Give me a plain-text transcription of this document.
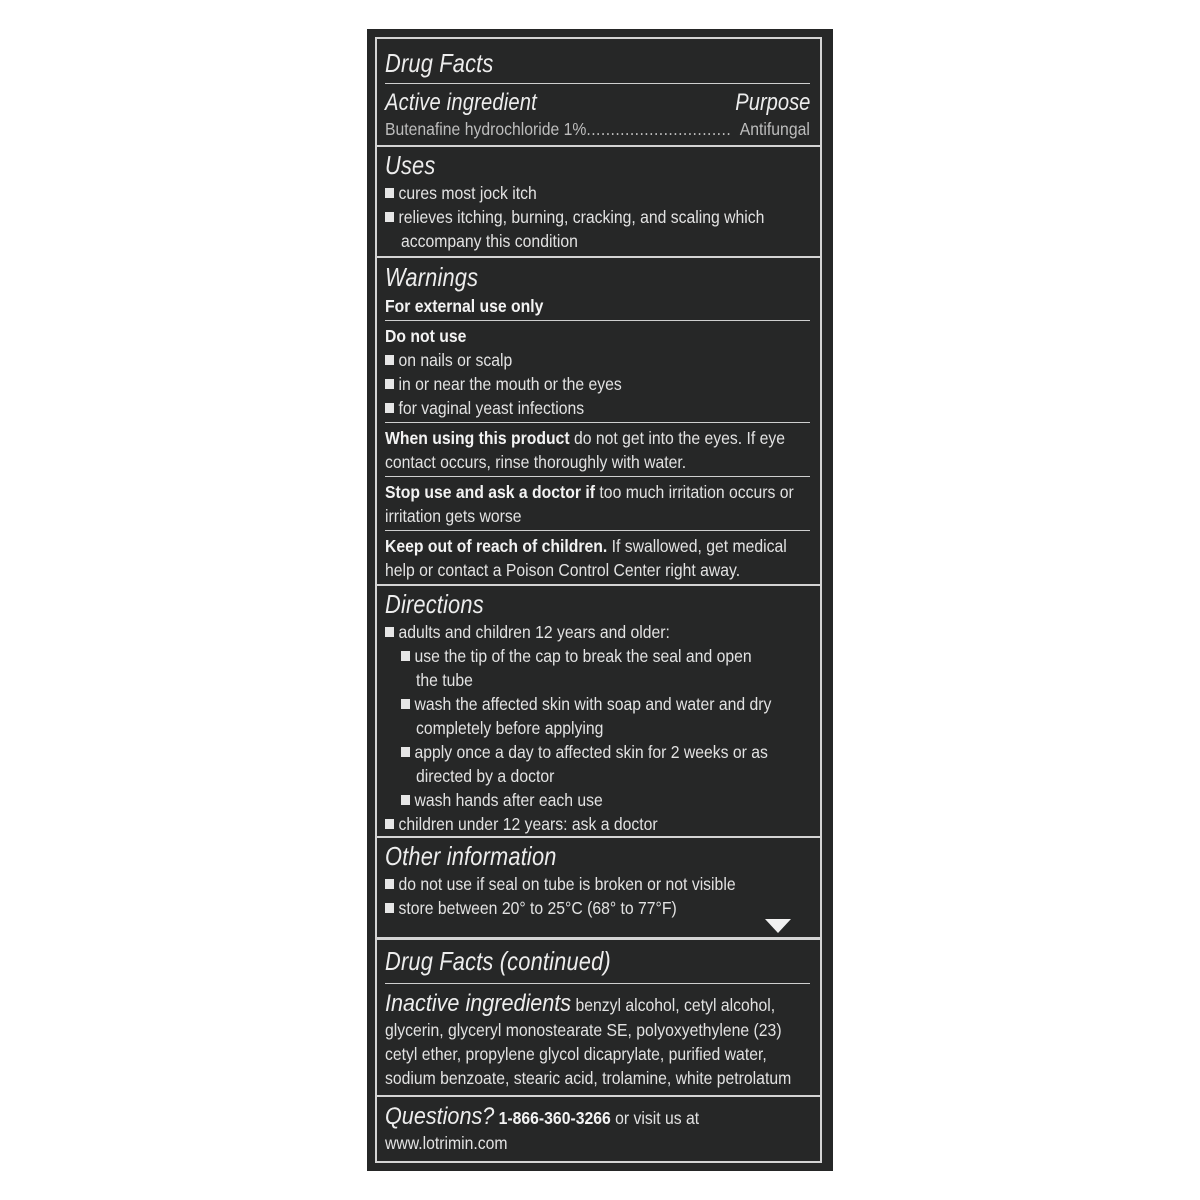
Drug Facts
Active ingredient	Purpose
Butenafine hydrochloride 1%.............................. Antifungal
Uses
cures most jock itch
relieves itching, burning, cracking, and scaling which
accompany this condition
Warnings
For external use only
Do not use
on nails or scalp
in or near the mouth or the eyes
for vaginal yeast infections
When using this product do not get into the eyes. If eye
contact occurs, rinse thoroughly with water.
Stop use and ask a doctor if too much irritation occurs or
irritation gets worse
Keep out of reach of children. If swallowed, get medical
help or contact a Poison Control Center right away.
Directions
adults and children 12 years and older:
use the tip of the cap to break the seal and open
the tube
wash the affected skin with soap and water and dry
completely before applying
apply once a day to affected skin for 2 weeks or as
directed by a doctor
wash hands after each use
children under 12 years: ask a doctor
Other information
do not use if seal on tube is broken or not visible
store between 20° to 25°C (68° to 77°F)
Drug Facts (continued)
Inactive ingredients benzyl alcohol, cetyl alcohol,
glycerin, glyceryl monostearate SE, polyoxyethylene (23)
cetyl ether, propylene glycol dicaprylate, purified water,
sodium benzoate, stearic acid, trolamine, white petrolatum
Questions? 1-866-360-3266 or visit us at
www.lotrimin.com
